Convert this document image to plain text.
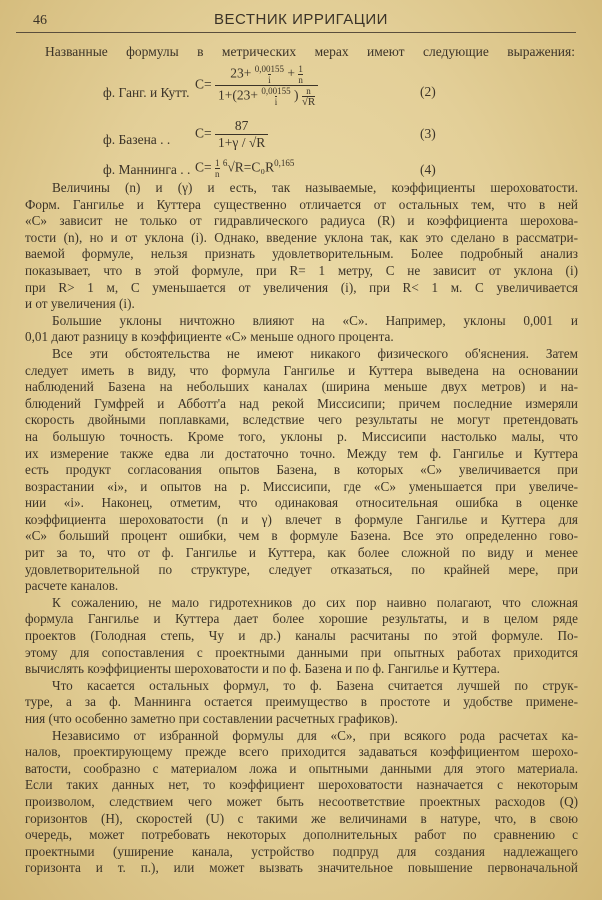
46	ВЕСТНИК ИРРИГАЦИИ
Названные формулы в метрических мерах имеют следующие выражения:
ф. Ганг. и Кутт.
$C= 23+ \frac{0,00155}{i} + \frac{1}{n}$
$1+(23+ \frac{0,00155}{i}$ ) n
√R	(2)
ф. Базена . . $C= \frac{87}{1+\gamma / √R}$	(3)
ф. Маннинга . . $C= \frac{1}{n} ^6√R=C_0R^{0,165}$	(4)
Величины (n) и (γ) и есть, так называемые, коэффициенты шероховатости.
Форм. Гангилье и Куттера существенно отличается от остальных тем, что в ней
«С» зависит не только от гидравлического радиуса (R) и коэффициента шерохова-
тости (n), но и от уклона (i). Однако, введение уклона так, как это сделано в рассматри-
ваемой формуле, нельзя признать удовлетворительным. Более подробный анализ
показывает, что в этой формуле, при R= 1 метру, С не зависит от уклона (i)
при R> 1 м, С уменьшается от увеличения (i), при R< 1 м. С увеличивается
и от увеличения (i).
Большие уклоны ничтожно влияют на «С». Например, уклоны 0,001 и
0,01 дают разницу в коэффициенте «С» меньше одного процента.
Все эти обстоятельства не имеют никакого физического об'яснения. Затем
следует иметь в виду, что формула Гангилье и Куттера выведена на основании
наблюдений Базена на небольших каналах (ширина меньше двух метров) и на-
блюдений Гумфрей и Абботт'а над рекой Миссисипи; причем последние измеряли
скорость двойными поплавками, вследствие чего результаты не могут претендовать
на большую точность. Кроме того, уклоны р. Миссисипи настолько малы, что
их измерение также едва ли достаточно точно. Между тем ф. Гангилье и Куттера
есть продукт согласования опытов Базена, в которых «С» увеличивается при
возрастании «i», и опытов на р. Миссисипи, где «С» уменьшается при увеличе-
нии «i». Наконец, отметим, что одинаковая относительная ошибка в оценке
коэффициента шероховатости (n и γ) влечет в формуле Гангилье и Куттера для
«С» больший процент ошибки, чем в формуле Базена. Все это определенно гово-
рит за то, что от ф. Гангилье и Куттера, как более сложной по виду и менее
удовлетворительной по структуре, следует отказаться, по крайней мере, при
расчете каналов.
К сожалению, не мало гидротехников до сих пор наивно полагают, что сложная
формула Гангилье и Куттера дает более хорошие результаты, и в целом ряде
проектов (Голодная степь, Чу и др.) каналы расчитаны по этой формуле. По-
этому для сопоставления с проектными данными при опытных работах приходится
вычислять коэффициенты шероховатости и по ф. Базена и по ф. Гангилье и Куттера.
Что касается остальных формул, то ф. Базена считается лучшей по струк-
туре, а за ф. Маннинга остается преимущество в простоте и удобстве примене-
ния (что особенно заметно при составлении расчетных графиков).
Независимо от избранной формулы для «С», при всякого рода расчетах ка-
налов, проектирующему прежде всего приходится задаваться коэффициентом шерохо-
ватости, сообразно с материалом ложа и опытными данными для этого материала.
Если таких данных нет, то коэффициент шероховатости назначается с некоторым
произволом, следствием чего может быть несоответствие проектных расходов (Q)
горизонтов (H), скоростей (U) с такими же величинами в натуре, что, в свою
очередь, может потребовать некоторых дополнительных работ по сравнению с
проектными (уширение канала, устройство подпруд для создания надлежащего
горизонта и т. п.), или может вызвать значительное повышение первоначальной
